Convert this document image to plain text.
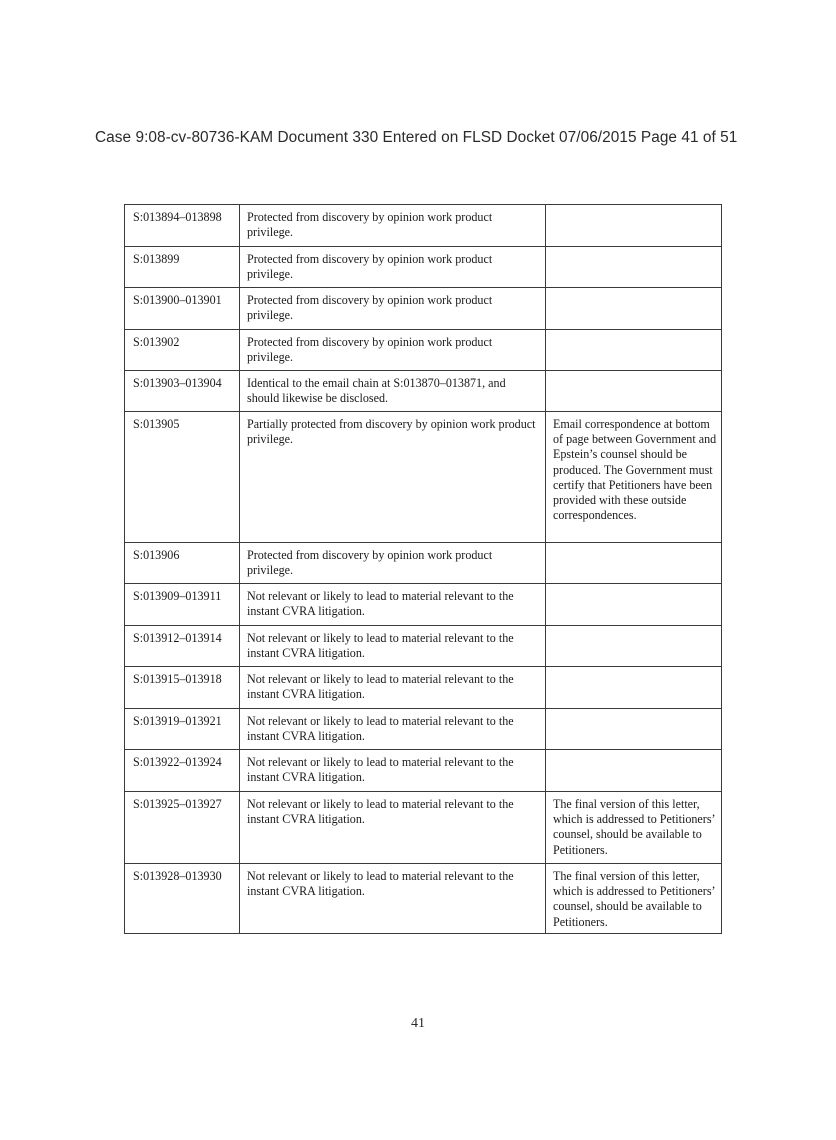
Case 9:08-cv-80736-KAM Document 330 Entered on FLSD Docket 07/06/2015 Page 41 of 51
S:013894–013898	Protected from discovery by opinion work product privilege.	
S:013899	Protected from discovery by opinion work product privilege.	
S:013900–013901	Protected from discovery by opinion work product privilege.	
S:013902	Protected from discovery by opinion work product privilege.	
S:013903–013904	Identical to the email chain at S:013870–013871, and should likewise be disclosed.	
S:013905	Partially protected from discovery by opinion work product privilege.	Email correspondence at bottom of page between Government and Epstein’s counsel should be produced. The Government must certify that Petitioners have been provided with these outside correspondences.
S:013906	Protected from discovery by opinion work product privilege.	
S:013909–013911	Not relevant or likely to lead to material relevant to the instant CVRA litigation.	
S:013912–013914	Not relevant or likely to lead to material relevant to the instant CVRA litigation.	
S:013915–013918	Not relevant or likely to lead to material relevant to the instant CVRA litigation.	
S:013919–013921	Not relevant or likely to lead to material relevant to the instant CVRA litigation.	
S:013922–013924	Not relevant or likely to lead to material relevant to the instant CVRA litigation.	
S:013925–013927	Not relevant or likely to lead to material relevant to the instant CVRA litigation.	The final version of this letter, which is addressed to Petitioners’ counsel, should be available to Petitioners.
S:013928–013930	Not relevant or likely to lead to material relevant to the instant CVRA litigation.	The final version of this letter, which is addressed to Petitioners’ counsel, should be available to Petitioners.
41
